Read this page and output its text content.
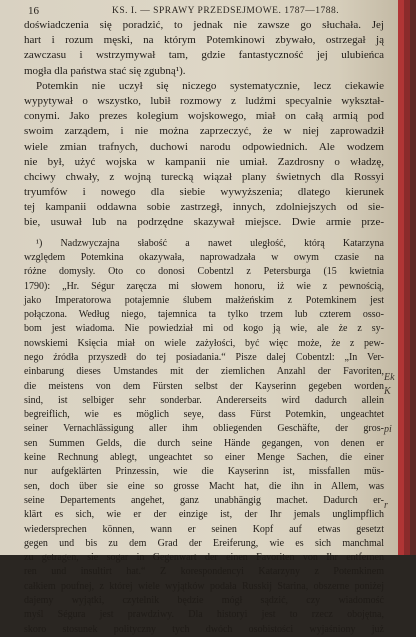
16	KS. I. — SPRAWY PRZEDSEJMOWE. 1787—1788.
doświadczenia się poradzić, to jednak nie zawsze go słuchała. Jej
hart i rozum męski, na którym Potemkinowi zbywało, ostrzegał ją
zawczasu i wstrzymywał tam, gdzie fantastyczność jej ulubieńca
mogła dla państwa stać się zgubną¹).
Potemkin nie uczył się niczego systematycznie, lecz ciekawie
wypytywał o wszystko, lubił rozmowy z ludźmi specyalnie wykształ-
conymi. Jako prezes kolegium wojskowego, miał on całą armią pod
swoim zarządem, i nie można zaprzeczyć, że w niej zaprowadził
wiele zmian trafnych, duchowi narodu odpowiednich. Ale wodzem
nie był, użyć wojska w kampanii nie umiał. Zazdrosny o władzę,
chciwy chwały, z wojną turecką wiązał plany świetnych dla Rossyi
tryumfów i nowego dla siebie wywyższenia; dlatego kierunek
tej kampanii oddawna sobie zastrzegł, innych, zdolniejszych od sie-
bie, usuwał lub na podrzędne skazywał miejsce. Dwie armie prze-
¹) Nadzwyczajna słabość a nawet uległość, którą Katarzyna
względem Potemkina okazywała, naprowadzała w owym czasie na
różne domysły. Oto co donosi Cobentzl z Petersburga (15 kwietnia
1790): „Hr. Ségur zaręcza mi słowem honoru, iż wie z pewnością,
jako Imperatorowa potajemnie ślubem małżeńskim z Potemkinem jest
połączona. Według niego, tajemnica ta tylko trzem lub czterem osso-
bom jest wiadoma. Nie powiedział mi od kogo ją wie, ale że z sy-
nowskiemi Księcia miał on wiele zażyłości, być więc może, że z pew-
nego źródła przyszedł do tej posiadania.“ Pisze dalej Cobentzl: „In Ver-
einbarung dieses Umstandes mit der ziemlichen Anzahl der Favoriten,
die meistens von dem Fürsten selbst der Kayserinn gegeben worden
sind, ist selbiger sehr sonderbar. Andererseits wird dadurch allein
begreiflich, wie es möglich seye, dass Fürst Potemkin, ungeachtet
seiner Vernachlässigung aller ihm obliegenden Geschäfte, der gros-
sen Summen Gelds, die durch seine Hände gegangen, von denen er
keine Rechnung ablegt, ungeachtet so einer Menge Sachen, die einer
nur aufgeklärten Prinzessin, wie die Kayserinn ist, missfallen müs-
sen, doch über sie eine so grosse Macht hat, die ihn in Allem, was
seine Departements angehet, ganz unabhängig machet. Dadurch er-
klärt es sich, wie er der einzige ist, der Ihr jemals unglimpflich
wiedersprechen können, wann er seinen Kopf auf etwas gesetzt
gegen und bis zu dem Grad der Ereiferung, wie es sich manchmal
zu getragen, sie sogar in Gegenwart der einen Favoriten von Ihr entfernen
ren und insultirt hat.“ Z korespondencyi Katarzyny z Potemkinem
całkiem poufnej, z której wiele wyjątków podała Russkij Starina, obszerne poniżej
dajemy wyjątki, czytelnik będzie mógł sądzić, czy wiadomość
myśl Ségura jest prawdziwy. Dla historyi jest to rzecz obojętna,
skoro stosunek polityczny tych dwóch osobistości wyjaśniony już
Ek
K
pi
r
